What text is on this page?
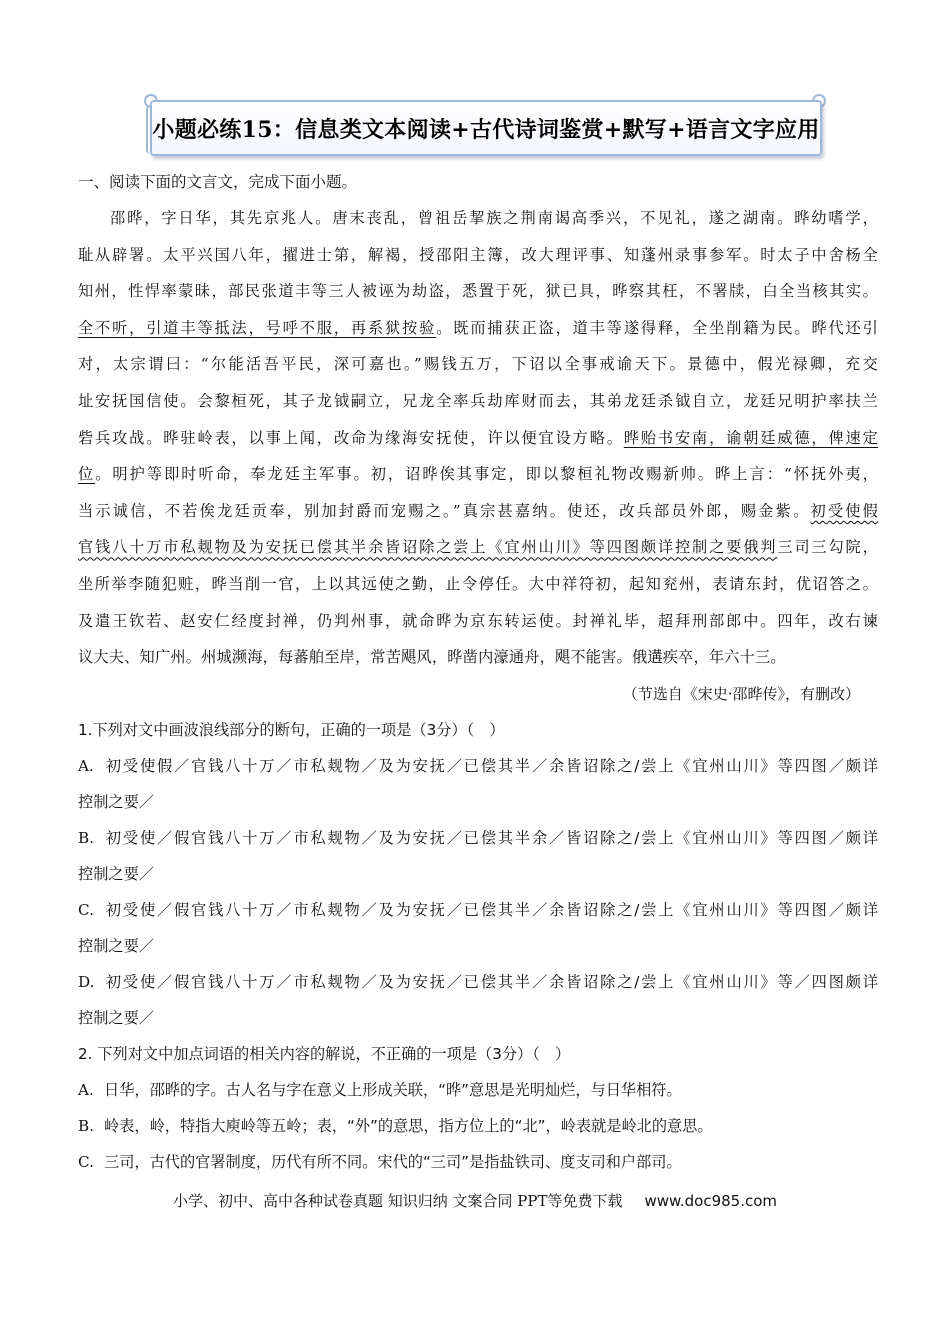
小题必练15：信息类文本阅读+古代诗词鉴赏+默写+语言文字应用
一、阅读下面的文言文，完成下面小题。
邵晔，字日华，其先京兆人。唐末丧乱，曾祖岳挈族之荆南谒高季兴，不见礼，遂之湖南。晔幼嗜学，
耻从辟署。太平兴国八年，擢进士第，解褐，授邵阳主簿，改大理评事、知蓬州录事参军。时太子中舍杨全
知州，性悍率蒙昧，部民张道丰等三人被诬为劫盗，悉置于死，狱已具，晔察其枉，不署牍，白全当核其实。
全不听，引道丰等抵法，号呼不服，再系狱按验。既而捕获正盗，道丰等遂得释，全坐削籍为民。晔代还引
对，太宗谓曰：“尔能活吾平民，深可嘉也。”赐钱五万，下诏以全事戒谕天下。景德中，假光禄卿，充交
址安抚国信使。会黎桓死，其子龙钺嗣立，兄龙全率兵劫库财而去，其弟龙廷杀钺自立，龙廷兄明护率扶兰
砦兵攻战。晔驻岭表，以事上闻，改命为缘海安抚使，许以便宜设方略。晔贻书安南，谕朝廷威德，俾速定
位。明护等即时听命，奉龙廷主军事。初，诏晔俟其事定，即以黎桓礼物改赐新帅。晔上言：“怀抚外夷，
当示诚信，不若俟龙廷贡奉，别加封爵而宠赐之。”真宗甚嘉纳。使还，改兵部员外郎，赐金紫。初受使假
官钱八十万市私觌物及为安抚已偿其半余皆诏除之尝上《宜州山川》等四图颇详控制之要俄判三司三勾院，
坐所举李随犯赃，晔当削一官，上以其远使之勤，止令停任。大中祥符初，起知兖州，表请东封，优诏答之。
及遣王钦若、赵安仁经度封禅，仍判州事，就命晔为京东转运使。封禅礼毕，超拜刑部郎中。四年，改右谏
议大夫、知广州。州城濒海，每蕃舶至岸，常苦飓风，晔凿内濠通舟，飓不能害。俄遘疾卒，年六十三。
（节选自《宋史·邵晔传》，有删改）
1.下列对文中画波浪线部分的断句，正确的一项是（3分）（　）
A. 初受使假／官钱八十万／市私觌物／及为安抚／已偿其半／余皆诏除之/尝上《宜州山川》等四图／颇详
控制之要／
B. 初受使／假官钱八十万／市私觌物／及为安抚／已偿其半余／皆诏除之/尝上《宜州山川》等四图／颇详
控制之要／
C. 初受使／假官钱八十万／市私觌物／及为安抚／已偿其半／余皆诏除之/尝上《宜州山川》等四图／颇详
控制之要／
D. 初受使／假官钱八十万／市私觌物／及为安抚／已偿其半／余皆诏除之/尝上《宜州山川》等／四图颇详
控制之要／
2. 下列对文中加点词语的相关内容的解说，不正确的一项是（3分）（　）
A. 日华，邵晔的字。古人名与字在意义上形成关联，“晔”意思是光明灿烂，与日华相符。
B. 岭表，岭，特指大庾岭等五岭；表，“外”的意思，指方位上的“北”，岭表就是岭北的意思。
C. 三司，古代的官署制度，历代有所不同。宋代的“三司”是指盐铁司、度支司和户部司。
小学、初中、高中各种试卷真题 知识归纳 文案合同 PPT等免费下载 www.doc985.com
